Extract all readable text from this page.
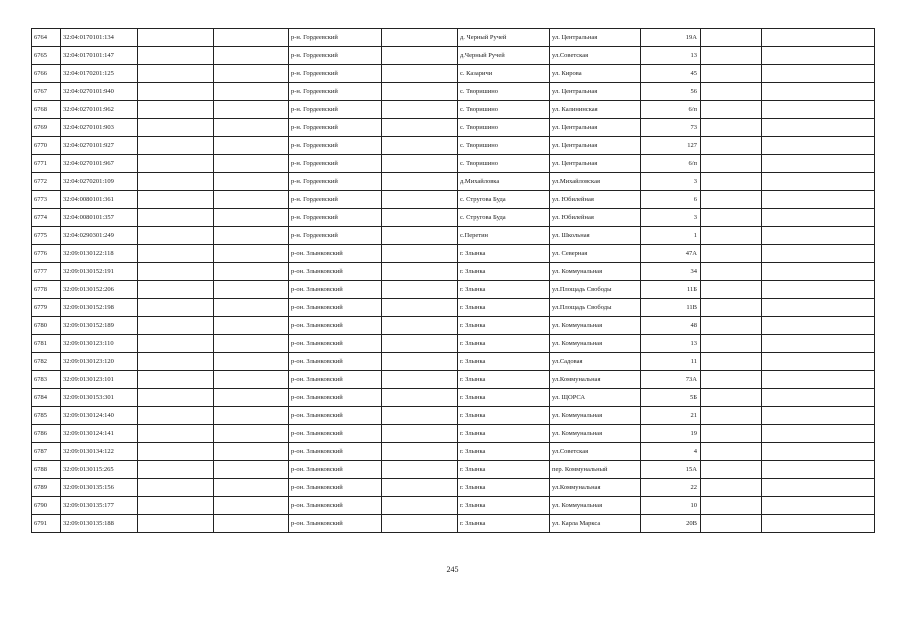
6764	32:04:0170101:134			р-н. Гордеевский		д. Черный Ручей	ул. Центральная	19А		
6765	32:04:0170101:147			р-н. Гордеевский		д.Черный Ручей	ул.Советская	13		
6766	32:04:0170201:125			р-н. Гордеевский		с. Казаричи	ул. Кирова	45		
6767	32:04:0270101:940			р-н. Гордеевский		с. Творишино	ул. Центральная	56		
6768	32:04:0270101:962			р-н. Гордеевский		с. Творишино	ул. Калининская	6/п		
6769	32:04:0270101:903			р-н. Гордеевский		с. Творишино	ул. Центральная	73		
6770	32:04:0270101:927			р-н. Гордеевский		с. Творишино	ул. Центральная	127		
6771	32:04:0270101:967			р-н. Гордеевский		с. Творишино	ул. Центральная	6/п		
6772	32:04:0270201:109			р-н. Гордеевский		д.Михайловка	ул.Михайловская	3		
6773	32:04:0080101:361			р-н. Гордеевский		с. Струговa Буда	ул. Юбилейная	6		
6774	32:04:0080101:357			р-н. Гордеевский		с. Струговa Буда	ул. Юбилейная	3		
6775	32:04:0290301:249			р-н. Гордеевский		с.Перетин	ул. Школьная	1		
6776	32:09:0130122:118			р-он. Злынковский		г. Злынка	ул. Северная	47А		
6777	32:09:0130152:191			р-он. Злынковский		г. Злынка	ул. Коммунальная	34		
6778	32:09:0130152:206			р-он. Злынковский		г. Злынка	ул.Площадь Свободы	11Б		
6779	32:09:0130152:198			р-он. Злынковский		г. Злынка	ул.Площадь Свободы	11В		
6780	32:09:0130152:189			р-он. Злынковский		г. Злынка	ул. Коммунальная	48		
6781	32:09:0130123:110			р-он. Злынковский		г. Злынка	ул. Коммунальная	13		
6782	32:09:0130123:120			р-он. Злынковский		г. Злынка	ул.Садовая	11		
6783	32:09:0130123:101			р-он. Злынковский		г. Злынка	ул.Коммунальная	73А		
6784	32:09:0130153:301			р-он. Злынковский		г. Злынка	ул. ЩОРСА	5Б		
6785	32:09:0130124:140			р-он. Злынковский		г. Злынка	ул. Коммунальная	21		
6786	32:09:0130124:141			р-он. Злынковский		г. Злынка	ул. Коммунальная	19		
6787	32:09:0130134:122			р-он. Злынковский		г. Злынка	ул.Советская	4		
6788	32:09:0130115:265			р-он. Злынковский		г. Злынка	пер. Коммунальный	15А		
6789	32:09:0130135:156			р-он. Злынковский		г. Злынка	ул.Коммунальная	22		
6790	32:09:0130135:177			р-он. Злынковский		г. Злынка	ул. Коммунальная	10		
6791	32:09:0130135:188			р-он. Злынковский		г. Злынка	ул. Карла Маркса	20В		
245
